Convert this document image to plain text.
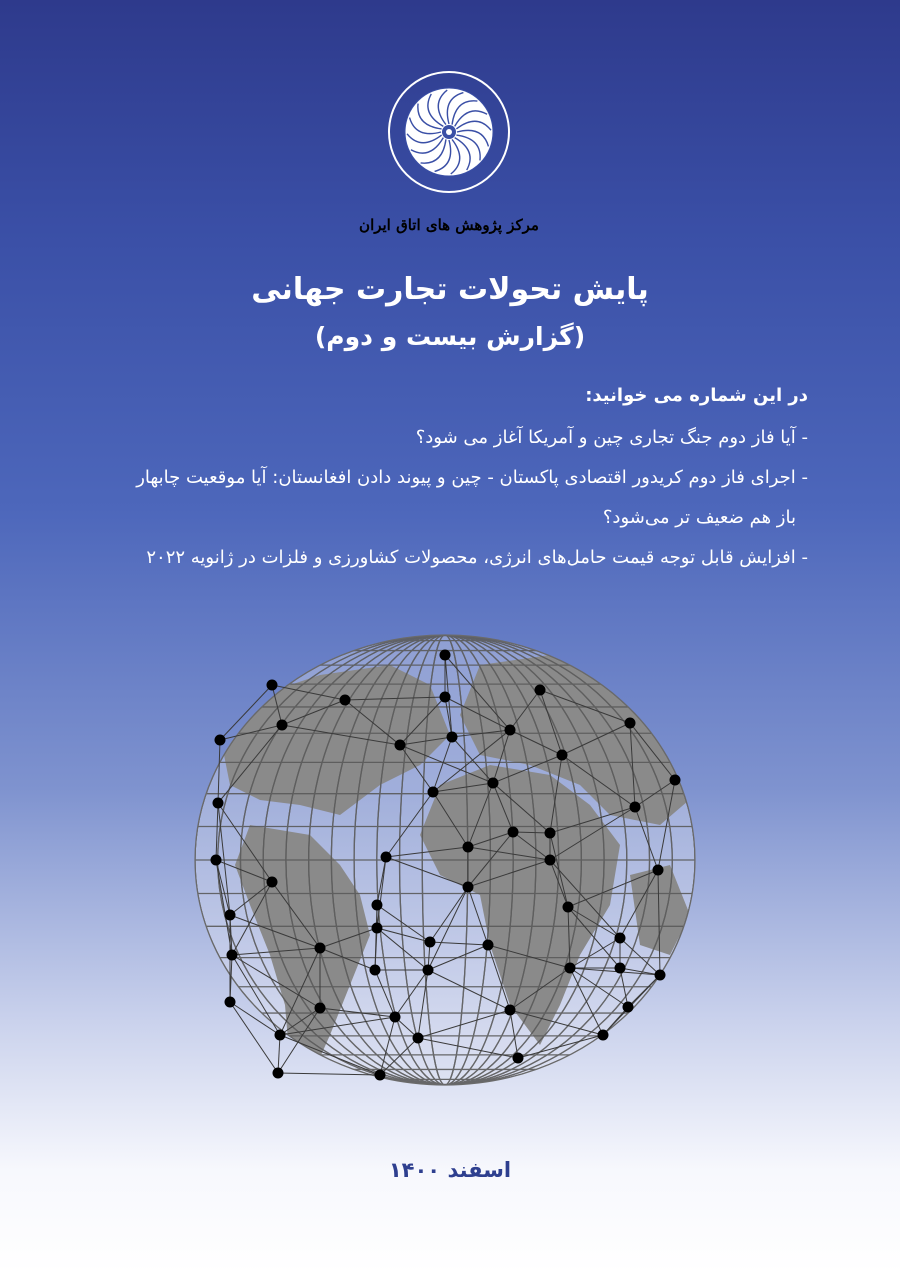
مرکز پژوهش های اتاق ایران
پایش تحولات تجارت جهانی
(گزارش بیست و دوم)
در این شماره می خوانید:
- آیا فاز دوم جنگ تجاری چین و آمریکا آغاز می شود؟
- اجرای فاز دوم کریدور اقتصادی پاکستان - چین و پیوند دادن افغانستان: آیا موقعیت چابهار
باز هم ضعیف تر می‌شود؟
- افزایش قابل توجه قیمت حامل‌های انرژی، محصولات کشاورزی و فلزات در ژانویه ۲۰۲۲
اسفند ۱۴۰۰
